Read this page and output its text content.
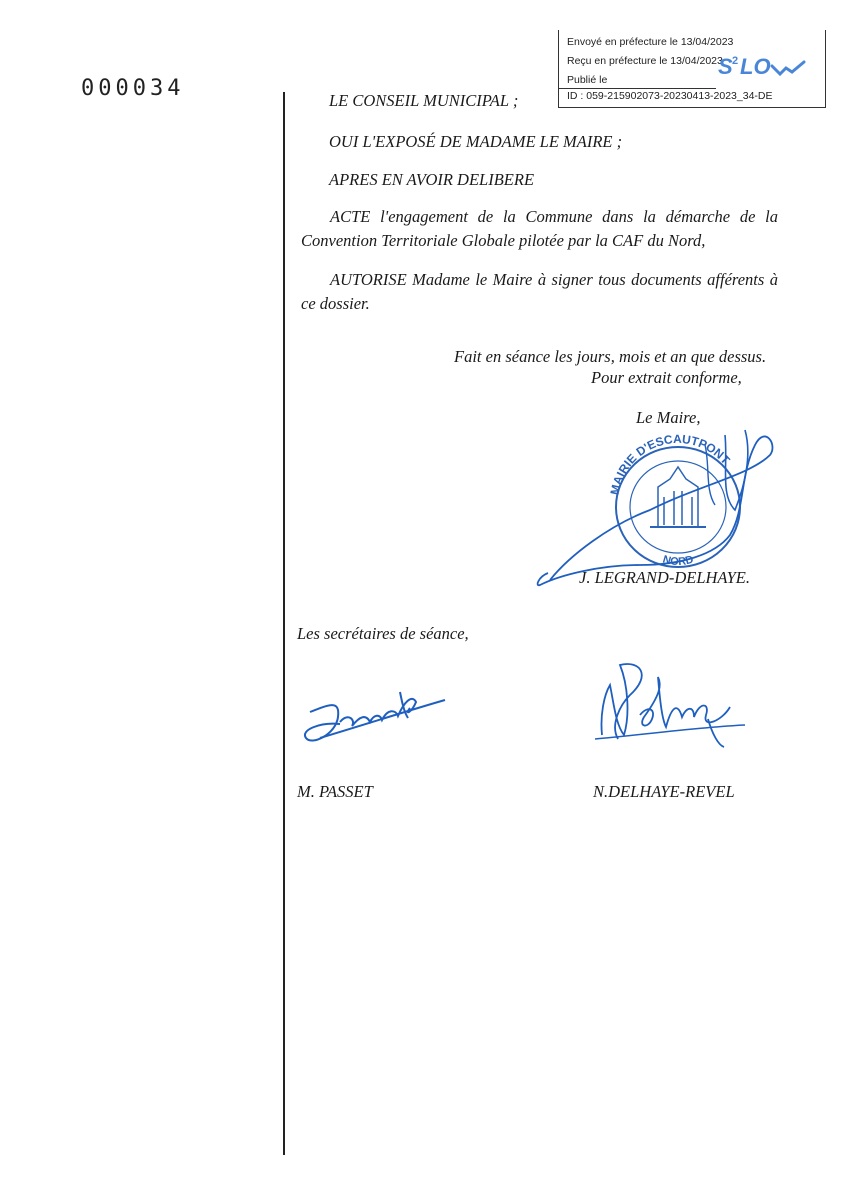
000034
Envoyé en préfecture le 13/04/2023
Reçu en préfecture le 13/04/2023
Publié le
ID : 059-215902073-20230413-2023_34-DE
S 2 LO
LE CONSEIL MUNICIPAL ;
OUI L'EXPOSÉ DE MADAME LE MAIRE ;
APRES EN AVOIR DELIBERE
ACTE l'engagement de la Commune dans la démarche de la Convention Territoriale Globale pilotée par la CAF du Nord,
AUTORISE Madame le Maire à signer tous documents afférents à ce dossier.
Fait en séance les jours, mois et an que dessus.
Pour extrait conforme,
Le Maire,
MAIRIE D'ESCAUTPONT
NORD
J. LEGRAND-DELHAYE.
Les secrétaires de séance,
M. PASSET	N.DELHAYE-REVEL
